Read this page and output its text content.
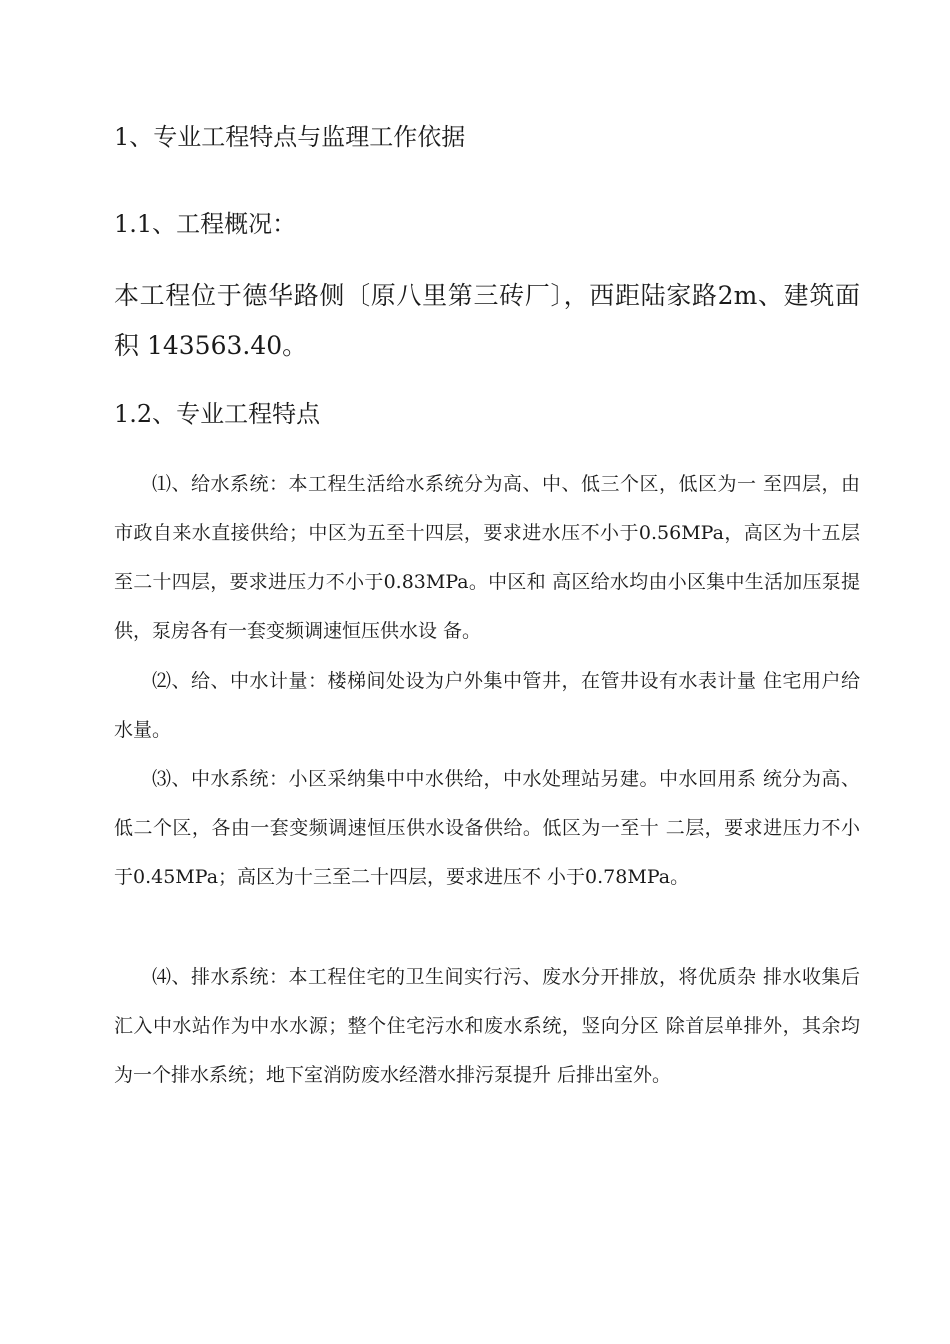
1、专业工程特点与监理工作依据
1.1、工程概况：
本工程位于德华路侧〔原八里第三砖厂〕，西距陆家路2m、建筑面积 143563.40。
1.2、专业工程特点
⑴、给水系统：本工程生活给水系统分为高、中、低三个区，低区为一 至四层，由市政自来水直接供给；中区为五至十四层，要求进水压不小于0.56MPa，高区为十五层至二十四层，要求进压力不小于0.83MPa。中区和 高区给水均由小区集中生活加压泵提供，泵房各有一套变频调速恒压供水设 备。
⑵、给、中水计量：楼梯间处设为户外集中管井，在管井设有水表计量 住宅用户给水量。
⑶、中水系统：小区采纳集中中水供给，中水处理站另建。中水回用系 统分为高、低二个区，各由一套变频调速恒压供水设备供给。低区为一至十 二层，要求进压力不小于0.45MPa；高区为十三至二十四层，要求进压不 小于0.78MPa。
⑷、排水系统：本工程住宅的卫生间实行污、废水分开排放，将优质杂 排水收集后汇入中水站作为中水水源；整个住宅污水和废水系统，竖向分区 除首层单排外，其余均为一个排水系统；地下室消防废水经潜水排污泵提升 后排出室外。
